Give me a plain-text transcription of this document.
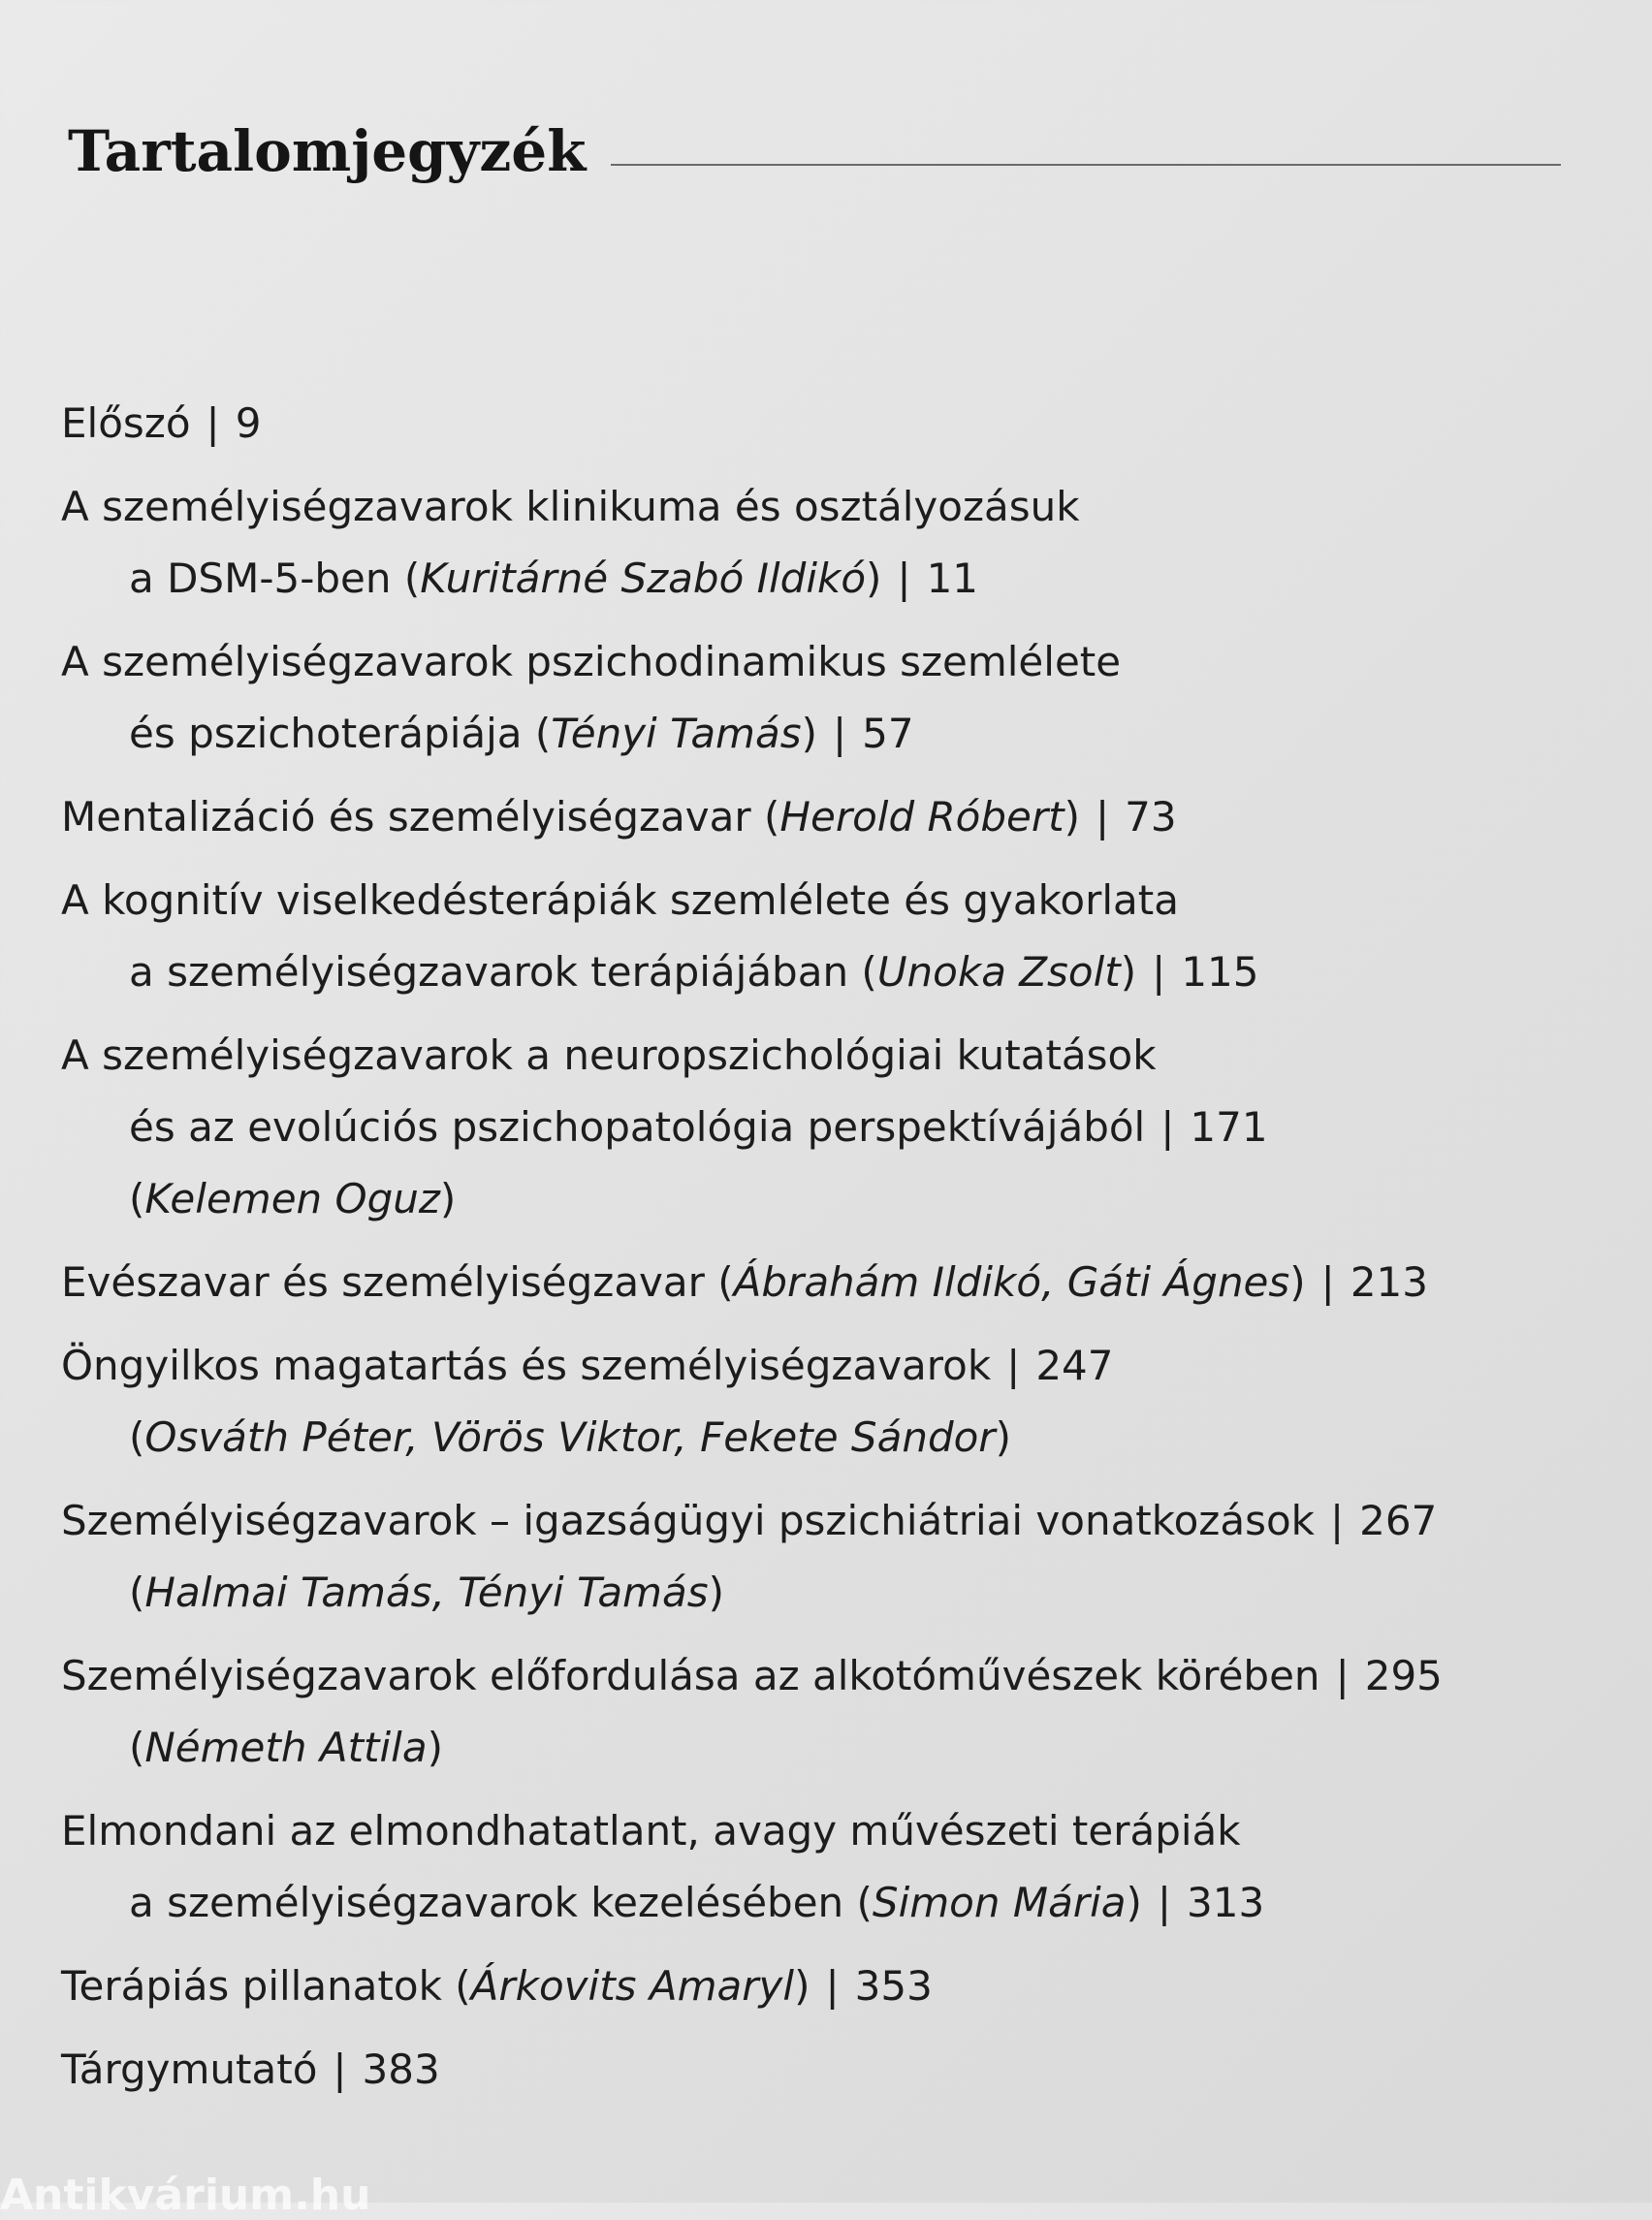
Tartalomjegyzék

Előszó | 9

A személyiségzavarok klinikuma és osztályozásuk
a DSM-5-ben (Kuritárné Szabó Ildikó) | 11

A személyiségzavarok pszichodinamikus szemlélete
és pszichoterápiája (Tényi Tamás) | 57

Mentalizáció és személyiségzavar (Herold Róbert) | 73

A kognitív viselkedésterápiák szemlélete és gyakorlata
a személyiségzavarok terápiájában (Unoka Zsolt) | 115

A személyiségzavarok a neuropszichológiai kutatások
és az evolúciós pszichopatológia perspektívájából | 171
(Kelemen Oguz)

Evészavar és személyiségzavar (Ábrahám Ildikó, Gáti Ágnes) | 213

Öngyilkos magatartás és személyiségzavarok | 247
(Osváth Péter, Vörös Viktor, Fekete Sándor)

Személyiségzavarok – igazságügyi pszichiátriai vonatkozások | 267
(Halmai Tamás, Tényi Tamás)

Személyiségzavarok előfordulása az alkotóművészek körében | 295
(Németh Attila)

Elmondani az elmondhatatlant, avagy művészeti terápiák
a személyiségzavarok kezelésében (Simon Mária) | 313

Terápiás pillanatok (Árkovits Amaryl) | 353

Tárgymutató | 383

Antikvárium.hu
